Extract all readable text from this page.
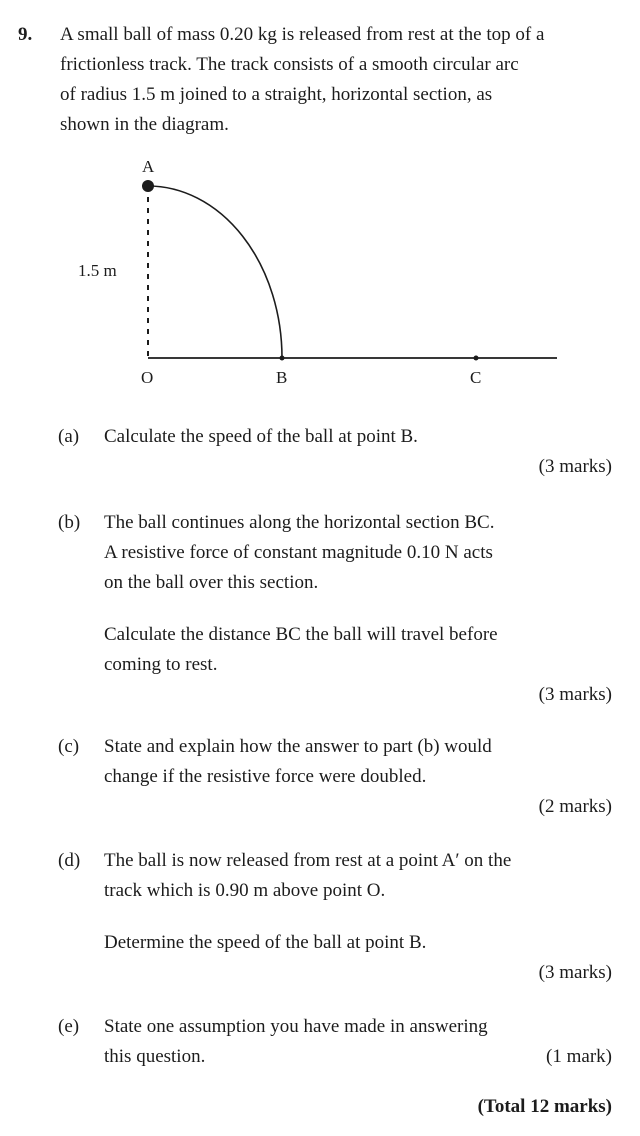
9. A small ball of mass 0.20 kg is released from rest at the top of a
frictionless track. The track consists of a smooth circular arc
of radius 1.5 m joined to a straight, horizontal section, as
shown in the diagram.
A
1.5 m
O	B	C
(a) Calculate the speed of the ball at point B.
(3 marks)
(b) The ball continues along the horizontal section BC.
A resistive force of constant magnitude 0.10 N acts
on the ball over this section.
Calculate the distance BC the ball will travel before
coming to rest.
(3 marks)
(c) State and explain how the answer to part (b) would
change if the resistive force were doubled.
(2 marks)
(d) The ball is now released from rest at a point A′ on the
track which is 0.90 m above point O.
Determine the speed of the ball at point B.
(3 marks)
(e) State one assumption you have made in answering
this question.	(1 mark)
(Total 12 marks)
